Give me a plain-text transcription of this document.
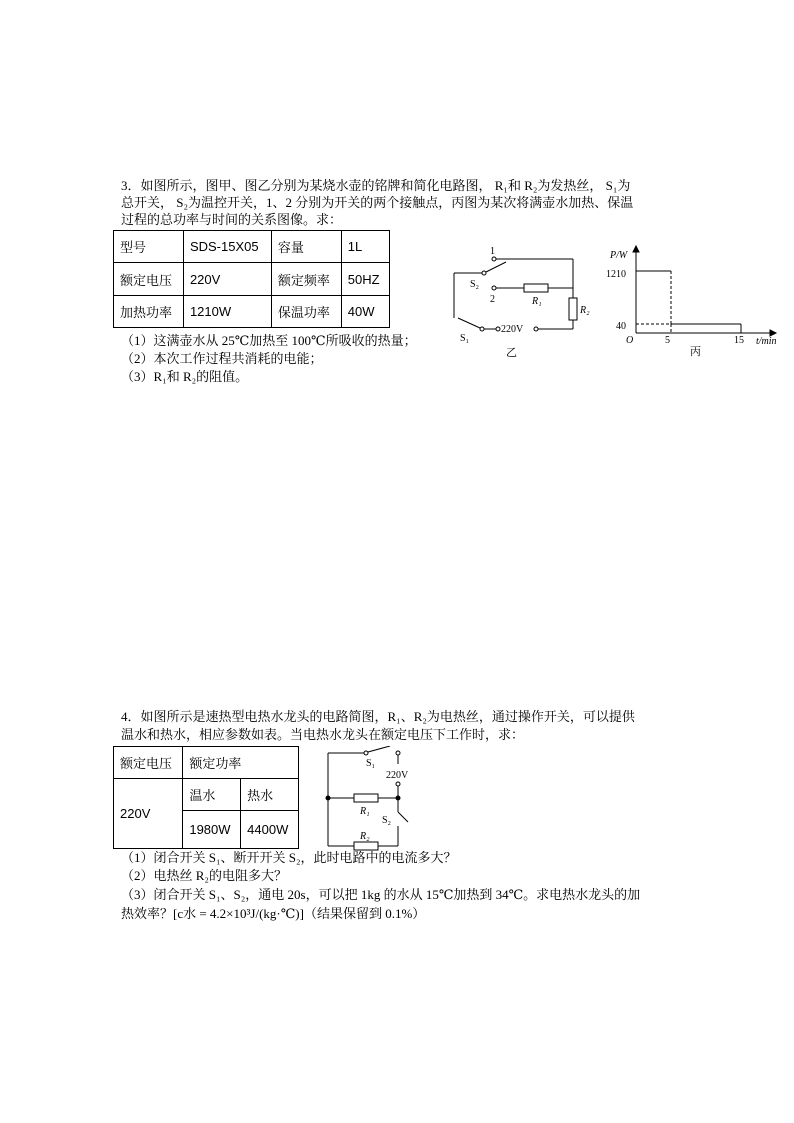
3．如图所示，图甲、图乙分别为某烧水壶的铭牌和简化电路图， R₁和 R₂为发热丝， S₁为
总开关， S₂为温控开关，1、2 分别为开关的两个接触点，丙图为某次将满壶水加热、保温
过程的总功率与时间的关系图像。求：
型号	SDS-15X05	容量	1L
额定电压	220V	额定频率	50HZ
加热功率	1210W	保温功率	40W
（1）这满壶水从 25℃加热至 100℃所吸收的热量；
（2）本次工作过程共消耗的电能；
（3）R₁和 R₂的阻值。
1
2
S₂
R₁
R₂
220V
S₁
乙
P/W
t/min
O
1210
40
5	15
丙
4．如图所示是速热型电热水龙头的电路简图，R₁、R₂为电热丝，通过操作开关，可以提供
温水和热水，相应参数如表。当电热水龙头在额定电压下工作时，求：
额定电压	额定功率	
220V	温水	热水
	1980W	4400W
S₁
220V
R₁
S₂
R₂
（1）闭合开关 S₁、断开开关 S₂，此时电路中的电流多大？
（2）电热丝 R₂的电阻多大？
（3）闭合开关 S₁、S₂，通电 20s，可以把 1kg 的水从 15℃加热到 34℃。求电热水龙头的加
热效率？[c水 = 4.2×10³J/(kg·℃)]（结果保留到 0.1%）
